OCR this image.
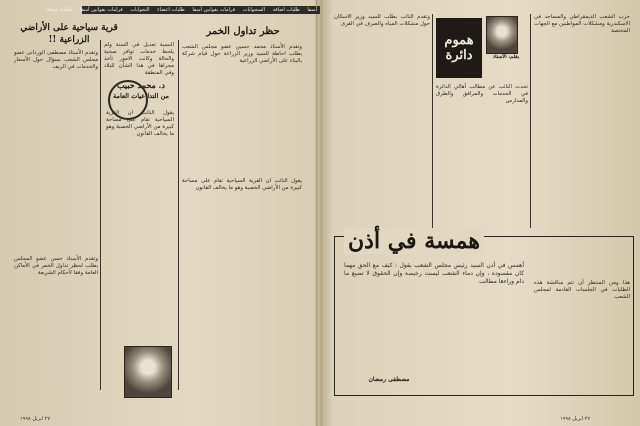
أسفا طلبات اضافة السجوابات فرامات بقوانين أسفا طلبات اعضاء التجوابات فرامات بقوانين أسفا طلبات إضافة
حظر تداول الخمر
قرية سياحية على الأراضي الزراعية !!	النسبة تعديل في السنة ولم يلحظ خدمات توافر صحية والحالة وكانت الامور تأخذ مجراها في هذا الشأن للبلاد وفي المنطقة
وتقدم الأستاذ محمد حسين عضو مجلس الشعب بطلب احاطة للسيد وزير الزراعة حول قيام شركة بالبناء على الأراضي الزراعية
يقول النائب ان القرية السياحية تقام على مساحة كبيرة من الأراضي الخصبة وهو ما يخالف القانون
وتقدم الأستاذ مصطفى الوردانى عضو مجلس الشعب بسؤال حول الأسعار والخدمات في الريف
وتقدم الأستاذ حسن عضو المجلس بطلب لحظر تداول الخمر في الأماكن العامة وفقا لأحكام الشريعة
د. محمد حبيب
من التدا عيات العامة
يقول النائب ان القرية السياحية تقام على مساحة كبيرة من الأراضي الخصبة وهو ما يخالف القانون
٢٧ ابريل ١٩٩٨
هموم دائرة	بقلم: الأستاذ
حزب الشعب الديمقراطي والمساجد في الاسكندرية ومشكلات المواطنين مع الجهات المختصة
تحدث النائب عن مطالب أهالي الدائرة في الخدمات والمرافق والطرق والمدارس
وتقدم النائب بطلب للسيد وزير الاسكان حول مشكلات المياه والصرف في القرى
هذا ومن المنتظر أن تتم مناقشة هذه الطلبات في الجلسات القادمة لمجلس الشعب
همسة في أذن
أهمس في أذن السيد رئيس مجلس الشعب بقول : كيف مع الحق مهما كان مقصوده ، وإن دماء الشعب ليست رخيصة وإن الحقوق لا تضيع ما دام وراءها مطالب
مصطفى رمضان
٢٧ ابريل ١٩٩٨
